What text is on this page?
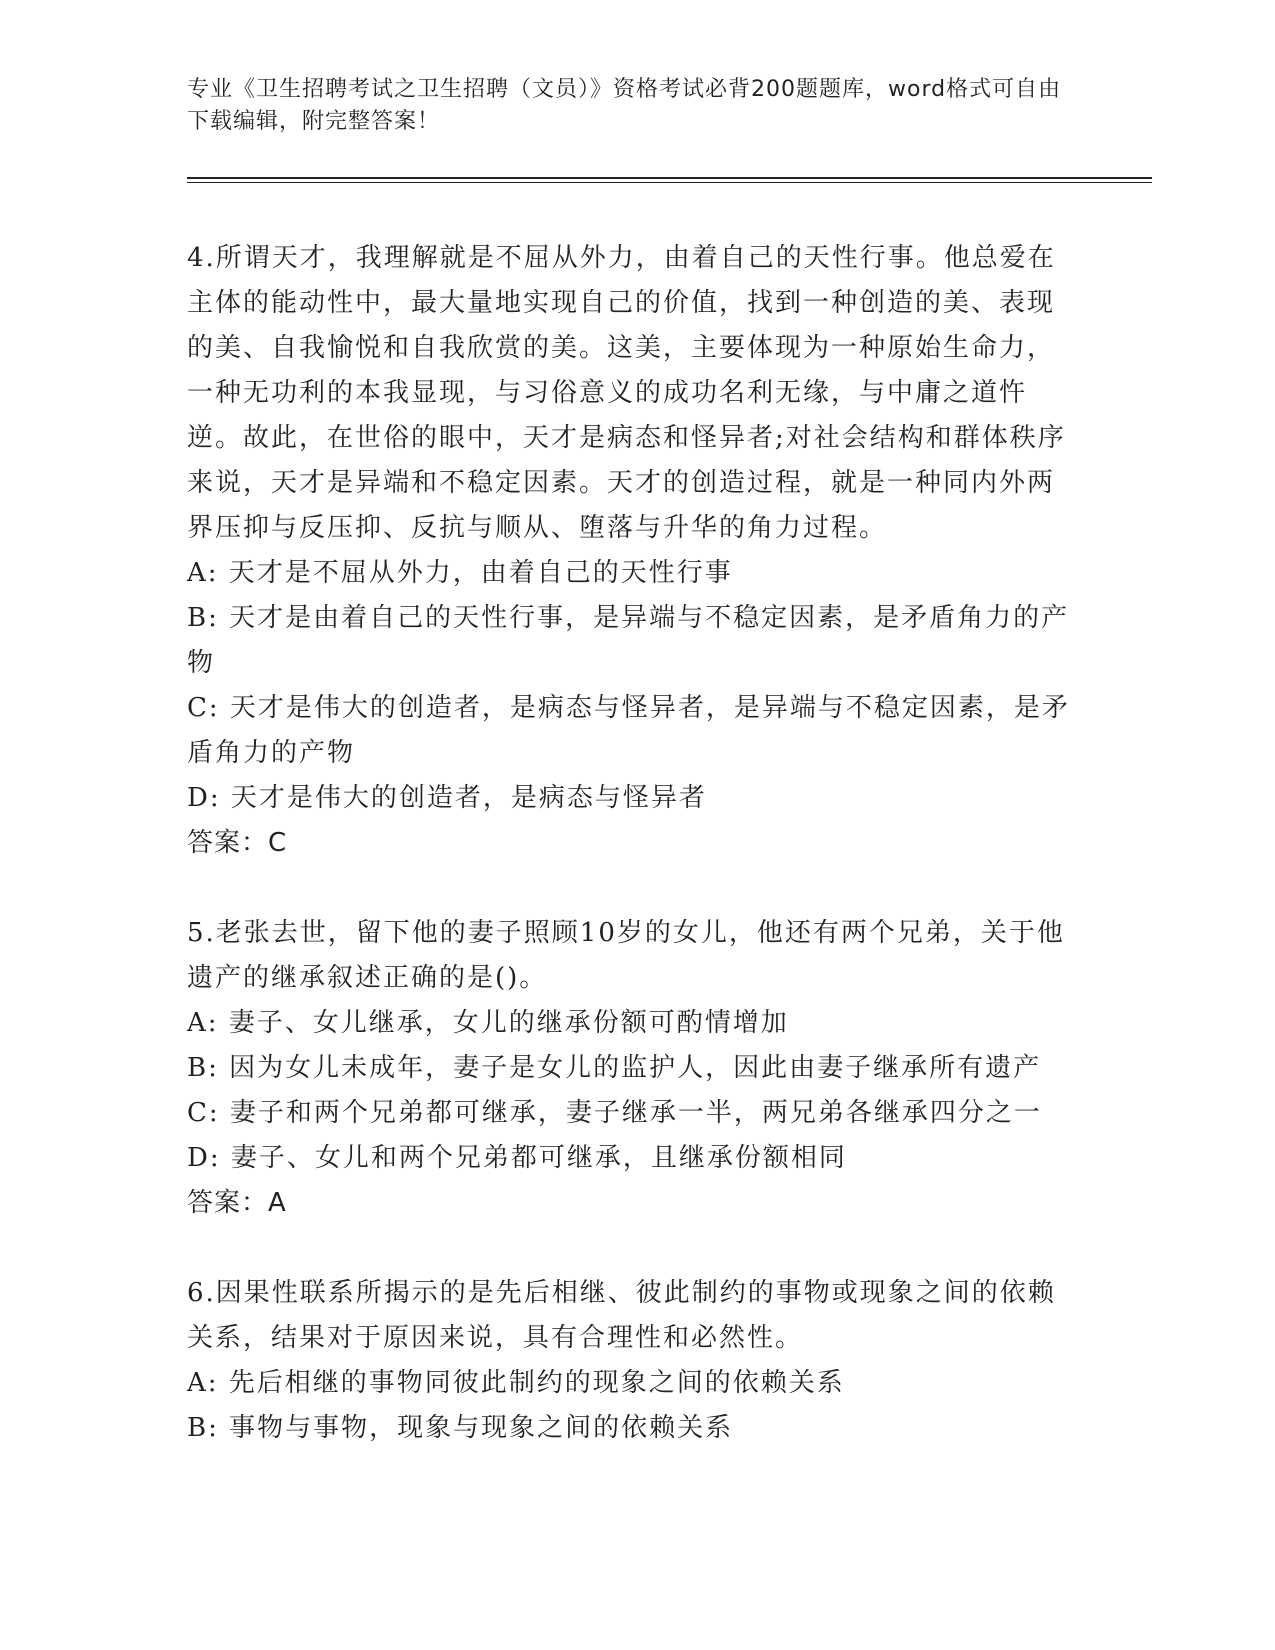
专业《卫生招聘考试之卫生招聘（文员）》资格考试必背200题题库，word格式可自由下载编辑，附完整答案！

4.所谓天才，我理解就是不屈从外力，由着自己的天性行事。他总爱在主体的能动性中，最大量地实现自己的价值，找到一种创造的美、表现的美、自我愉悦和自我欣赏的美。这美，主要体现为一种原始生命力，一种无功利的本我显现，与习俗意义的成功名利无缘，与中庸之道忤逆。故此，在世俗的眼中，天才是病态和怪异者;对社会结构和群体秩序来说，天才是异端和不稳定因素。天才的创造过程，就是一种同内外两界压抑与反压抑、反抗与顺从、堕落与升华的角力过程。

A: 天才是不屈从外力，由着自己的天性行事

B: 天才是由着自己的天性行事，是异端与不稳定因素，是矛盾角力的产物

C: 天才是伟大的创造者，是病态与怪异者，是异端与不稳定因素，是矛盾角力的产物

D: 天才是伟大的创造者，是病态与怪异者

答案：C

5.老张去世，留下他的妻子照顾10岁的女儿，他还有两个兄弟，关于他遗产的继承叙述正确的是()。

A: 妻子、女儿继承，女儿的继承份额可酌情增加

B: 因为女儿未成年，妻子是女儿的监护人，因此由妻子继承所有遗产

C: 妻子和两个兄弟都可继承，妻子继承一半，两兄弟各继承四分之一

D: 妻子、女儿和两个兄弟都可继承，且继承份额相同

答案：A

6.因果性联系所揭示的是先后相继、彼此制约的事物或现象之间的依赖关系，结果对于原因来说，具有合理性和必然性。

A: 先后相继的事物同彼此制约的现象之间的依赖关系

B: 事物与事物，现象与现象之间的依赖关系
